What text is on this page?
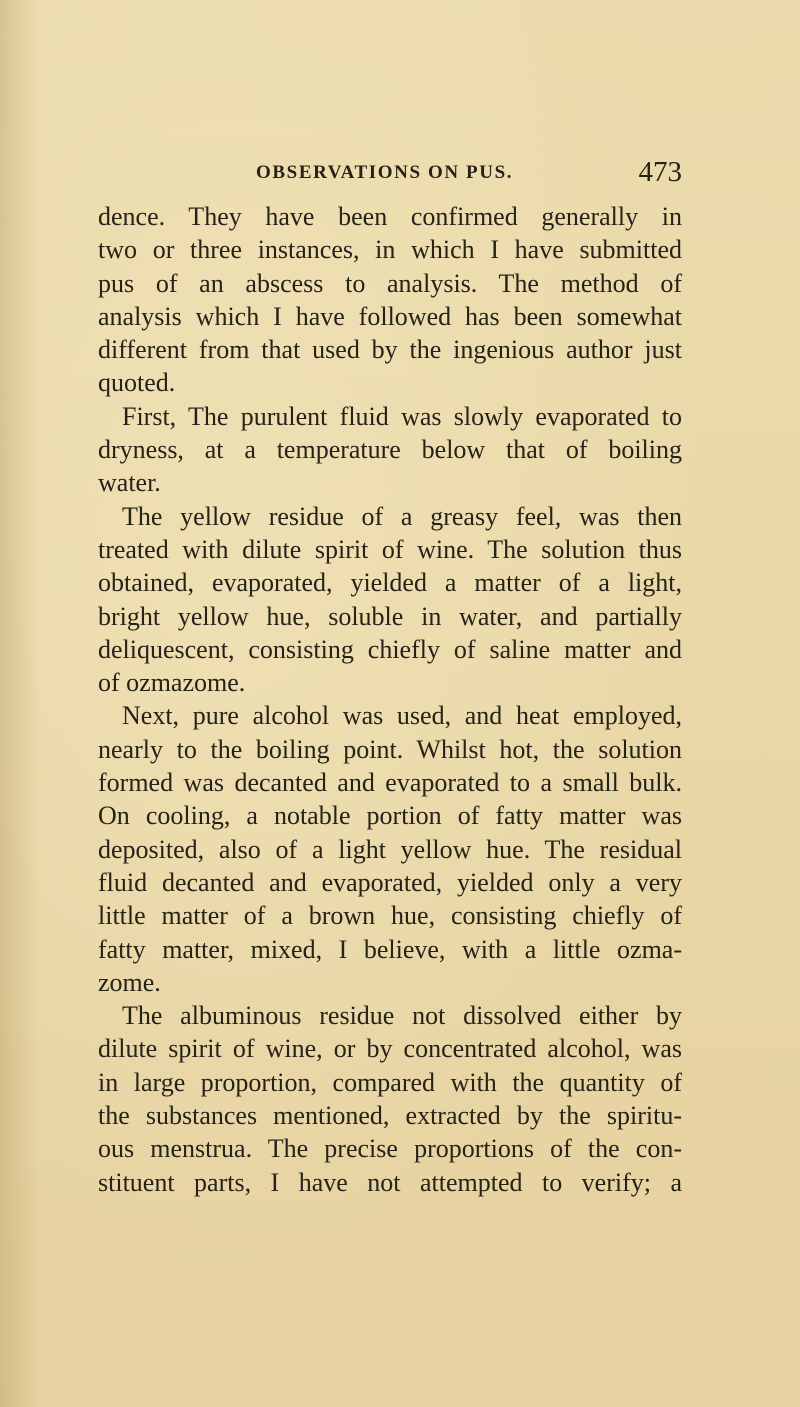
OBSERVATIONS ON PUS.	473
dence. They have been confirmed generally in
two or three instances, in which I have submitted
pus of an abscess to analysis. The method of
analysis which I have followed has been somewhat
different from that used by the ingenious author just
quoted.
First, The purulent fluid was slowly evaporated to
dryness, at a temperature below that of boiling
water.
The yellow residue of a greasy feel, was then
treated with dilute spirit of wine. The solution thus
obtained, evaporated, yielded a matter of a light,
bright yellow hue, soluble in water, and partially
deliquescent, consisting chiefly of saline matter and
of ozmazome.
Next, pure alcohol was used, and heat employed,
nearly to the boiling point. Whilst hot, the solution
formed was decanted and evaporated to a small bulk.
On cooling, a notable portion of fatty matter was
deposited, also of a light yellow hue. The residual
fluid decanted and evaporated, yielded only a very
little matter of a brown hue, consisting chiefly of
fatty matter, mixed, I believe, with a little ozma-
zome.
The albuminous residue not dissolved either by
dilute spirit of wine, or by concentrated alcohol, was
in large proportion, compared with the quantity of
the substances mentioned, extracted by the spiritu-
ous menstrua. The precise proportions of the con-
stituent parts, I have not attempted to verify; a
